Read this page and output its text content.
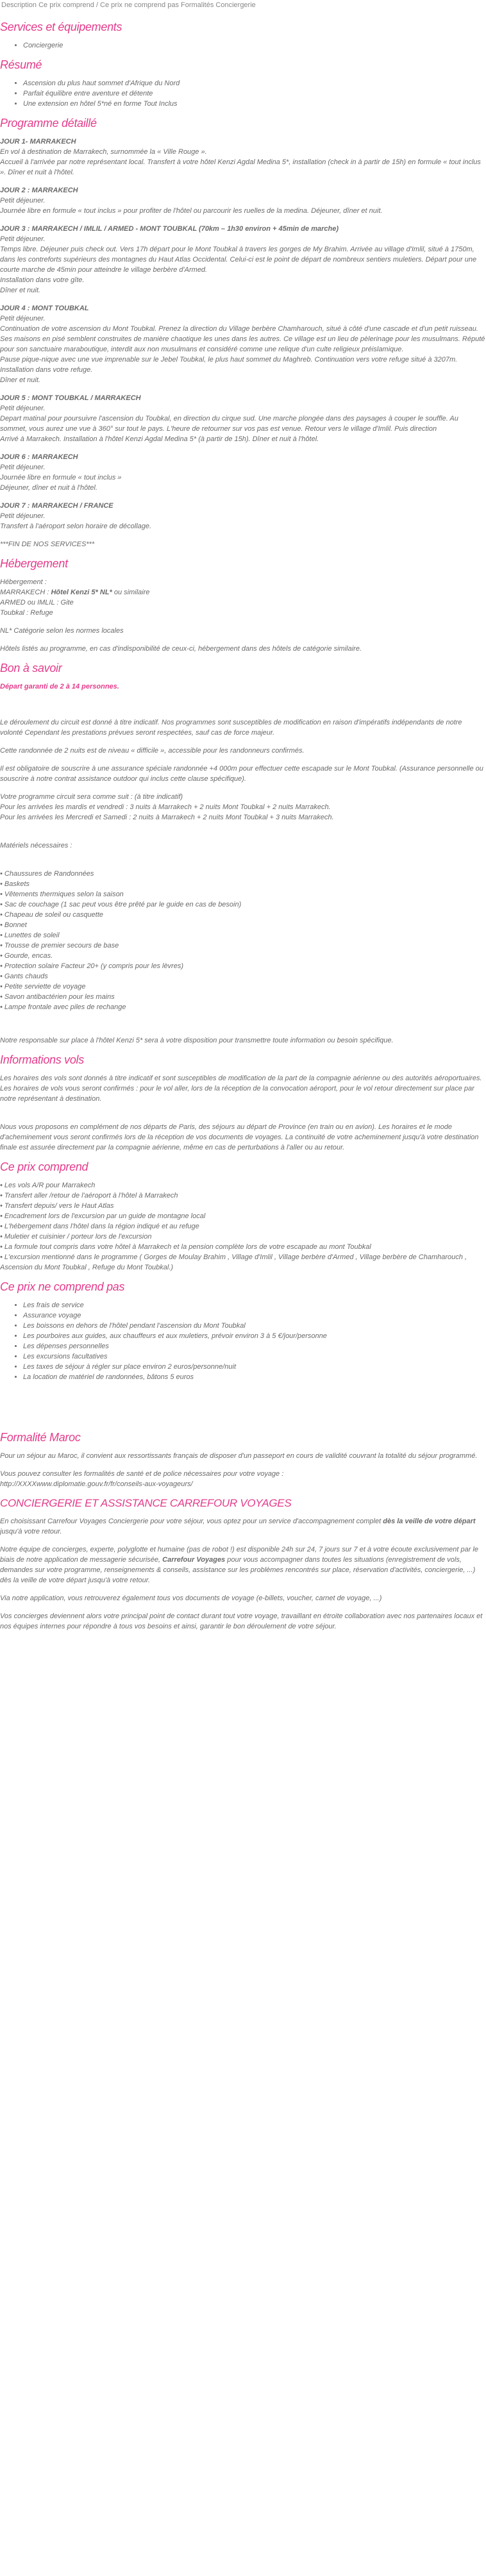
Description Ce prix comprend / Ce prix ne comprend pas Formalités Conciergerie
Services et équipements
• Conciergerie
Résumé
• Ascension du plus haut sommet d'Afrique du Nord
• Parfait équilibre entre aventure et détente
• Une extension en hôtel 5*né en forme Tout Inclus
Programme détaillé

JOUR 1- MARRAKECH
En vol à destination de Marrakech, surnommée la « Ville Rouge ».
Accueil à l'arrivée par notre représentant local. Transfert à votre hôtel Kenzi Agdal Medina 5*, installation (check in à partir de 15h) en formule « tout inclus ». Dîner et nuit à l'hôtel.

JOUR 2 : MARRAKECH
Petit déjeuner.
Journée libre en formule « tout inclus » pour profiter de l'hôtel ou parcourir les ruelles de la medina. Déjeuner, dîner et nuit.

JOUR 3 : MARRAKECH / IMLIL / ARMED - MONT TOUBKAL (70km – 1h30 environ + 45min de marche)
Petit déjeuner.
Temps libre. Déjeuner puis check out. Vers 17h départ pour le Mont Toubkal à travers les gorges de My Brahim. Arrivée au village d'Imlil, situé à 1750m, dans les contreforts supérieurs des montagnes du Haut Atlas Occidental. Celui-ci est le point de départ de nombreux sentiers muletiers. Départ pour une courte marche de 45min pour atteindre le village berbère d'Armed.
Installation dans votre gîte.
Dîner et nuit.

JOUR 4 : MONT TOUBKAL
Petit déjeuner.
Continuation de votre ascension du Mont Toubkal. Prenez la direction du Village berbère Chamharouch, situé à côté d'une cascade et d'un petit ruisseau. Ses maisons en pisé semblent construites de manière chaotique les unes dans les autres. Ce village est un lieu de pèlerinage pour les musulmans. Réputé pour son sanctuaire maraboutique, interdit aux non musulmans et considéré comme une relique d'un culte religieux préislamique.
Pause pique-nique avec une vue imprenable sur le Jebel Toubkal, le plus haut sommet du Maghreb. Continuation vers votre refuge situé à 3207m. Installation dans votre refuge.
Dîner et nuit.

JOUR 5 : MONT TOUBKAL / MARRAKECH
Petit déjeuner.
Depart matinal pour poursuivre l'ascension du Toubkal, en direction du cirque sud. Une marche plongée dans des paysages à couper le souffle. Au sommet, vous aurez une vue à 360° sur tout le pays. L'heure de retourner sur vos pas est venue. Retour vers le village d'Imlil. Puis direction
Arrivé à Marrakech. Installation à l'hôtel Kenzi Agdal Medina 5* (à partir de 15h). Dîner et nuit à l'hôtel.

JOUR 6 : MARRAKECH
Petit déjeuner.
Journée libre en formule « tout inclus »
Déjeuner, dîner et nuit à l'hôtel.

JOUR 7 : MARRAKECH / FRANCE
Petit déjeuner.
Transfert à l'aéroport selon horaire de décollage.

***FIN DE NOS SERVICES***

Hébergement

Hébergement :
MARRAKECH : Hôtel Kenzi 5* NL* ou similaire
ARMED ou IMLIL : Gite
Toubkal : Refuge

NL* Catégorie selon les normes locales

Hôtels listés au programme, en cas d'indisponibilité de ceux-ci, hébergement dans des hôtels de catégorie similaire.

Bon à savoir

Départ garanti de 2 à 14 personnes.

Le déroulement du circuit est donné à titre indicatif. Nos programmes sont susceptibles de modification en raison d'impératifs indépendants de notre volonté Cependant les prestations prévues seront respectées, sauf cas de force majeur.

Cette randonnée de 2 nuits est de niveau « difficile », accessible pour les randonneurs confirmés.

Il est obligatoire de souscrire à une assurance spéciale randonnée +4 000m pour effectuer cette escapade sur le Mont Toubkal. (Assurance personnelle ou souscrire à notre contrat assistance outdoor qui inclus cette clause spécifique).

Votre programme circuit sera comme suit : (à titre indicatif)
Pour les arrivées les mardis et vendredi : 3 nuits à Marrakech + 2 nuits Mont Toubkal + 2 nuits Marrakech.
Pour les arrivées les Mercredi et Samedi : 2 nuits à Marrakech + 2 nuits Mont Toubkal + 3 nuits Marrakech.

Matériels nécessaires :

• Chaussures de Randonnées
• Baskets
• Vêtements thermiques selon la saison
• Sac de couchage (1 sac peut vous être prêté par le guide en cas de besoin)
• Chapeau de soleil ou casquette
• Bonnet
• Lunettes de soleil
• Trousse de premier secours de base
• Gourde, encas.
• Protection solaire Facteur 20+ (y compris pour les lèvres)
• Gants chauds
• Petite serviette de voyage
• Savon antibactérien pour les mains
• Lampe frontale avec piles de rechange

Notre responsable sur place à l'hôtel Kenzi 5* sera à votre disposition pour transmettre toute information ou besoin spécifique.

Informations vols

Les horaires des vols sont donnés à titre indicatif et sont susceptibles de modification de la part de la compagnie aérienne ou des autorités aéroportuaires.
Les horaires de vols vous seront confirmés : pour le vol aller, lors de la réception de la convocation aéroport, pour le vol retour directement sur place par notre représentant à destination.

Nous vous proposons en complément de nos départs de Paris, des séjours au départ de Province (en train ou en avion). Les horaires et le mode d'acheminement vous seront confirmés lors de la réception de vos documents de voyages. La continuité de votre acheminement jusqu'à votre destination finale est assurée directement par la compagnie aérienne, même en cas de perturbations à l'aller ou au retour.

Ce prix comprend
• Les vols A/R pour Marrakech
• Transfert aller /retour de l'aéroport à l'hôtel à Marrakech
• Transfert depuis/ vers le Haut Atlas
• Encadrement lors de l'excursion par un guide de montagne local
• L'hébergement dans l'hôtel dans la région indiqué et au refuge
• Muletier et cuisinier / porteur lors de l'excursion
• La formule tout compris dans votre hôtel à Marrakech et la pension complète lors de votre escapade au mont Toubkal
• L'excursion mentionné dans le programme ( Gorges de Moulay Brahim , Village d'Imlil , Village berbère d'Armed , Village berbère de Chamharouch , Ascension du Mont Toubkal , Refuge du Mont Toubkal.)
Ce prix ne comprend pas
• Les frais de service
• Assurance voyage
• Les boissons en dehors de l'hôtel pendant l'ascension du Mont Toubkal
• Les pourboires aux guides, aux chauffeurs et aux muletiers, prévoir environ 3 à 5 €/jour/personne
• Les dépenses personnelles
• Les excursions facultatives
• Les taxes de séjour à régler sur place environ 2 euros/personne/nuit
• La location de matériel de randonnées, bâtons 5 euros
Formalité Maroc

Pour un séjour au Maroc, il convient aux ressortissants français de disposer d'un passeport en cours de validité couvrant la totalité du séjour programmé.

Vous pouvez consulter les formalités de santé et de police nécessaires pour votre voyage :
http://XXXXwww.diplomatie.gouv.fr/fr/conseils-aux-voyageurs/

CONCIERGERIE ET ASSISTANCE CARREFOUR VOYAGES

En choisissant Carrefour Voyages Conciergerie pour votre séjour, vous optez pour un service d'accompagnement complet dès la veille de votre départ jusqu'à votre retour.

Notre équipe de concierges, experte, polyglotte et humaine (pas de robot !) est disponible 24h sur 24, 7 jours sur 7 et à votre écoute exclusivement par le biais de notre application de messagerie sécurisée, Carrefour Voyages pour vous accompagner dans toutes les situations (enregistrement de vols, demandes sur votre programme, renseignements & conseils, assistance sur les problèmes rencontrés sur place, réservation d'activités, conciergerie, ...) dès la veille de votre départ jusqu'à votre retour.

Via notre application, vous retrouverez également tous vos documents de voyage (e-billets, voucher, carnet de voyage, ...)

Vos concierges deviennent alors votre principal point de contact durant tout votre voyage, travaillant en étroite collaboration avec nos partenaires locaux et nos équipes internes pour répondre à tous vos besoins et ainsi, garantir le bon déroulement de votre séjour.
